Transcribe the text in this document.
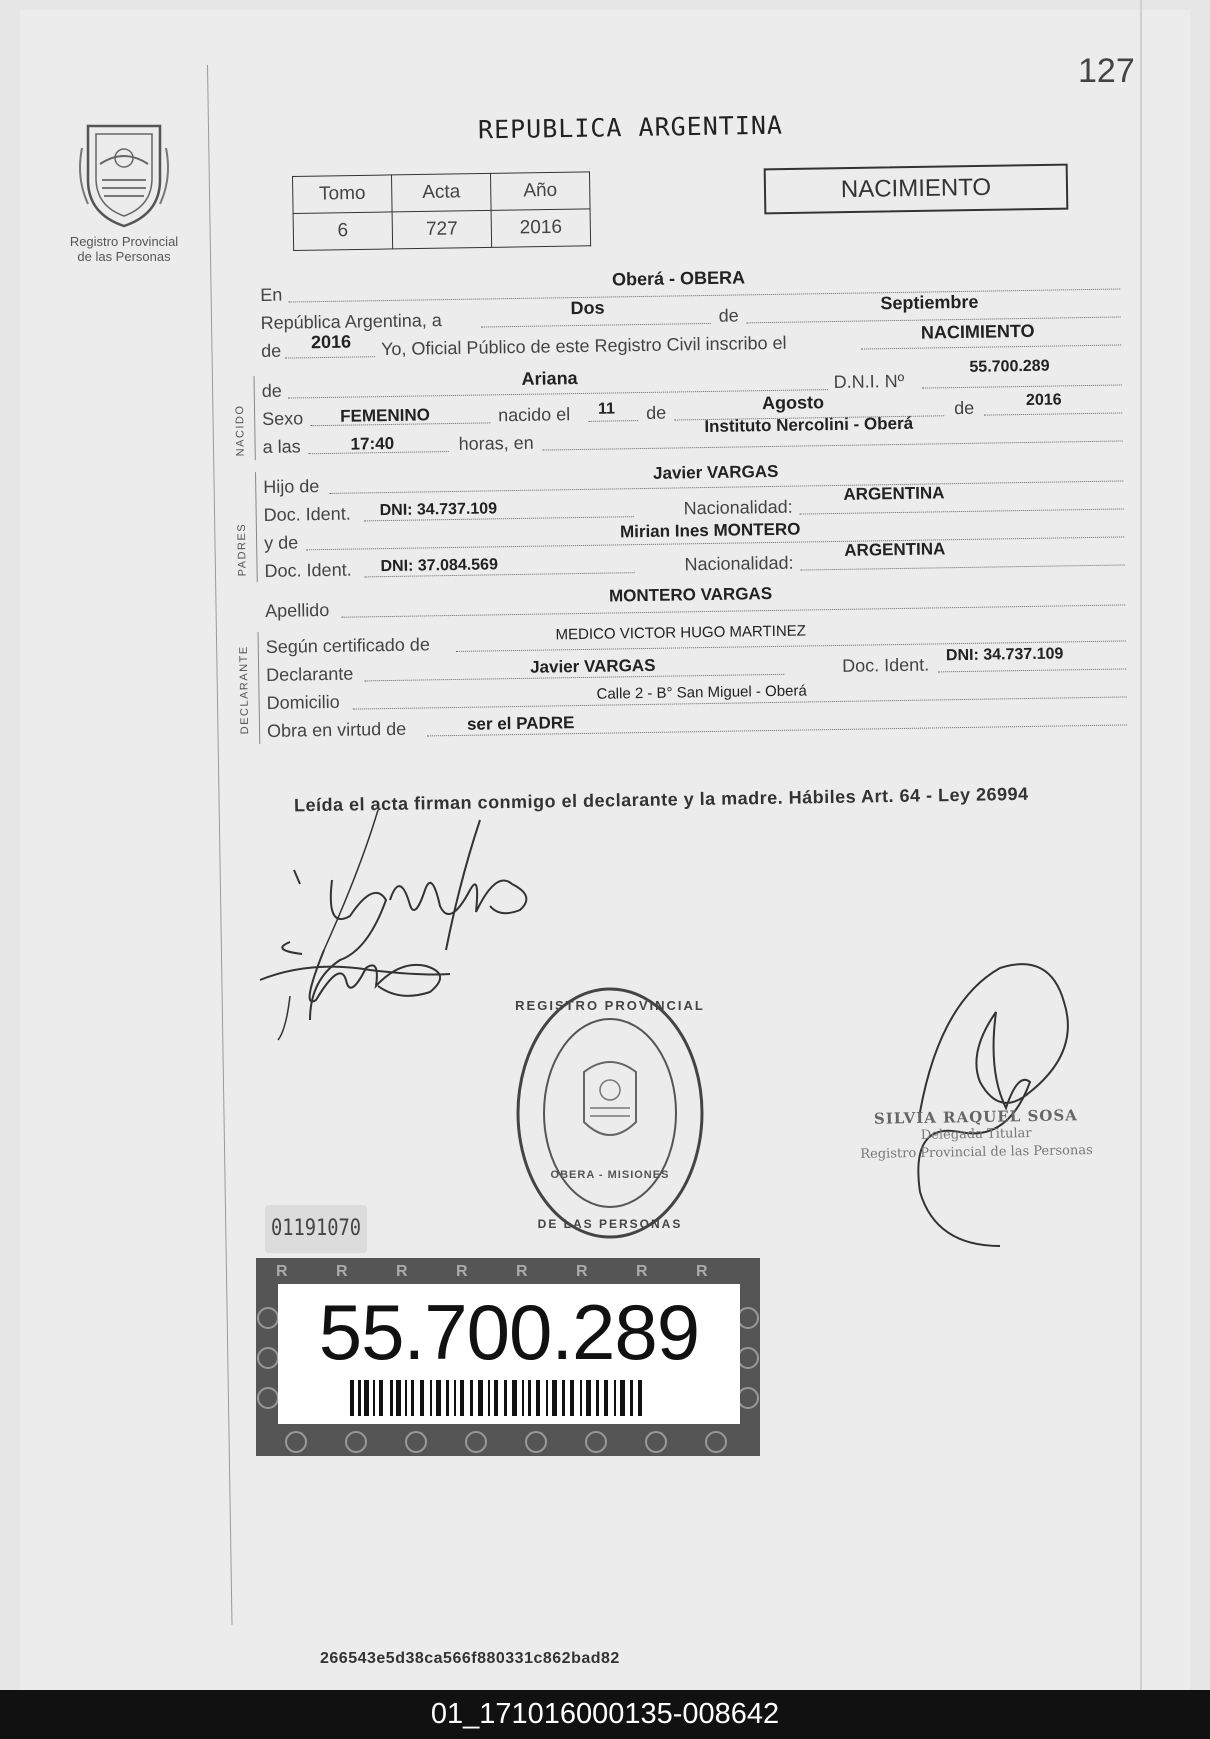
127
Registro Provincial
de las Personas
REPUBLICA ARGENTINA
Tomo	Acta	Año
6	727	2016
NACIMIENTO
En
Oberá - OBERA
República Argentina, a
Dos	de
Septiembre
de 2016 Yo, Oficial Público de este Registro Civil inscribo el
NACIMIENTO
NACIDO
de
Ariana	D.N.I. Nº
55.700.289
Sexo FEMENINO	nacido el 11 de	Agosto	de	2016
a las	17:40	horas, en
Instituto Nercolini - Oberá
PADRES
Hijo de
Javier VARGAS
Doc. Ident. DNI: 34.737.109	Nacionalidad:
ARGENTINA
y de
Mirian Ines MONTERO
Doc. Ident. DNI: 37.084.569	Nacionalidad:
ARGENTINA
Apellido
MONTERO VARGAS
DECLARANTE Según certificado de
MEDICO VICTOR HUGO MARTINEZ
Declarante	Javier VARGAS	Doc. Ident. DNI: 34.737.109
Domicilio	Calle 2 - B° San Miguel - Oberá
Obra en virtud de	ser el PADRE
Leída el acta firman conmigo el declarante y la madre. Hábiles Art. 64 - Ley 26994
REGISTRO PROVINCIAL
DE LAS PERSONAS
OBERA - MISIONES
SILVIA RAQUEL SOSA
Delegada Titular
Registro Provincial de las Personas
01191070
R	R	R	R	R	R	R	R
55.700.289
266543e5d38ca566f880331c862bad82
01_171016000135-008642
